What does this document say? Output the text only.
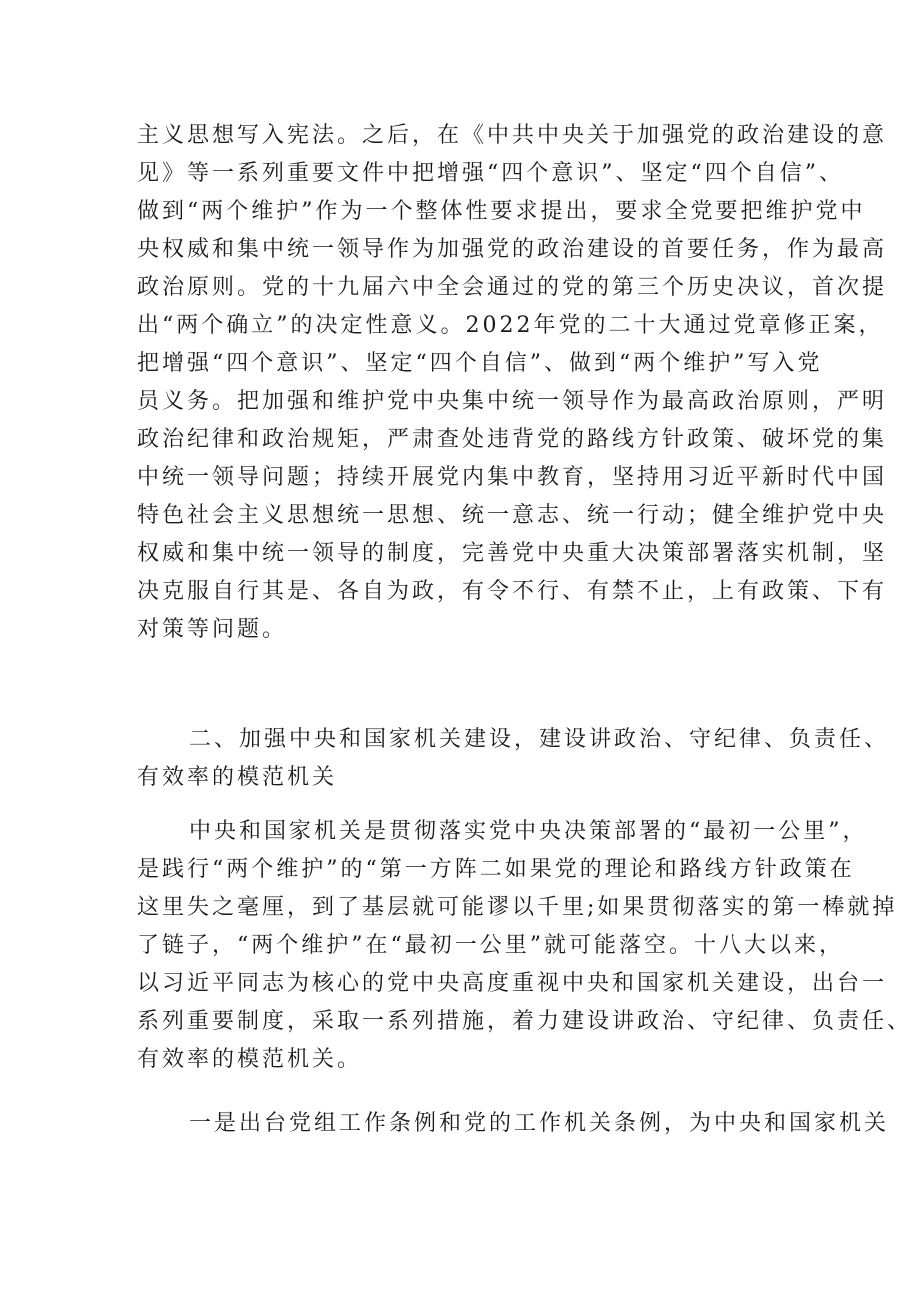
主义思想写入宪法。之后，在《中共中央关于加强党的政治建设的意
见》等一系列重要文件中把增强“四个意识”、坚定“四个自信”、
做到“两个维护”作为一个整体性要求提出，要求全党要把维护党中
央权威和集中统一领导作为加强党的政治建设的首要任务，作为最高
政治原则。党的十九届六中全会通过的党的第三个历史决议，首次提
出“两个确立”的决定性意义。2022年党的二十大通过党章修正案，
把增强“四个意识”、坚定“四个自信”、做到“两个维护”写入党
员义务。把加强和维护党中央集中统一领导作为最高政治原则，严明
政治纪律和政治规矩，严肃查处违背党的路线方针政策、破坏党的集
中统一领导问题；持续开展党内集中教育，坚持用习近平新时代中国
特色社会主义思想统一思想、统一意志、统一行动；健全维护党中央
权威和集中统一领导的制度，完善党中央重大决策部署落实机制，坚
决克服自行其是、各自为政，有令不行、有禁不止，上有政策、下有
对策等问题。
二、加强中央和国家机关建设，建设讲政治、守纪律、负责任、
有效率的模范机关
中央和国家机关是贯彻落实党中央决策部署的“最初一公里”，
是践行“两个维护”的“第一方阵二如果党的理论和路线方针政策在
这里失之毫厘，到了基层就可能谬以千里;如果贯彻落实的第一棒就掉
了链子，“两个维护”在“最初一公里”就可能落空。十八大以来，
以习近平同志为核心的党中央高度重视中央和国家机关建设，出台一
系列重要制度，采取一系列措施，着力建设讲政治、守纪律、负责任、
有效率的模范机关。
一是出台党组工作条例和党的工作机关条例，为中央和国家机关
